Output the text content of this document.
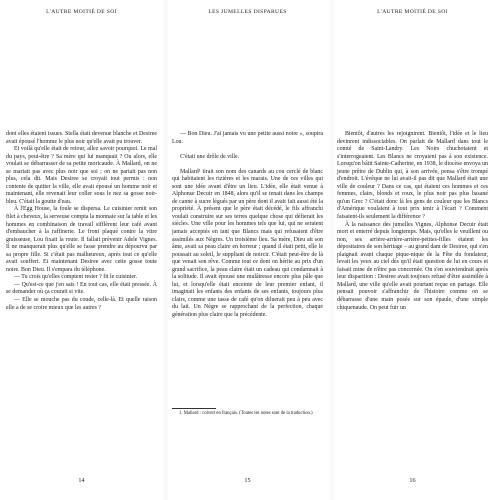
L'AUTRE MOITIÉ DE SOI

dont elles étaient issues. Stella était devenue blanche et Desiree avait épousé l'homme le plus noir qu'elle avait pu trouver.

Et voilà qu'elle était de retour, allez savoir pourquoi. Le mal du pays, peut-être ? Sa mère qui lui manquait ? Ou alors, elle voulait se débarrasser de sa petite moricaude. À Mallard, on ne se mariait pas avec plus noir que soi ; on ne partait pas non plus, cela dit. Mais Desiree se croyait tout permis : non contente de quitter la ville, elle avait épousé un homme noir et maintenant, elle revenait leur coller sous le nez sa gosse noir-bleu. C'était la goutte d'eau.

À l'Egg House, la foule se dispersa. Le cuisinier remit son filet à cheveux, la serveuse compta la monnaie sur la table et les hommes en combinaison de travail sifflèrent leur café avant d'embaucher à la raffinerie. Le front plaqué contre la vitre graisseuse, Lou fixait la route. Il fallait prévenir Adele Vignes. Il ne manquerait plus qu'elle se fasse prendre au dépourvu par sa propre fille. Si c'était pas malheureux, après tout ce qu'elle avait souffert. Et maintenant Desiree avec cette gosse toute noire. Bon Dieu. Il s'empara du téléphone.

— Tu crois qu'elles comptent rester ? fit le cuisinier.

— Qu'est-ce que j'en sais ! En tout cas, elle était pressée. À se demander où ça courait si vite.

— Elle se mouche pas du coude, celle-là. Et quelle raison elle a de se croire mieux que les autres ?

14
LES JUMELLES DISPARUES

— Bon Dieu. J'ai jamais vu une petite aussi noire », soupira Lou.

C'était une drôle de ville.

Mallard¹ tirait son nom des canards au cou cerclé de blanc qui habitaient les rizières et les marais. Une de ces villes qui sont une idée avant d'être un lieu. L'idée, elle était venue à Alphonse Decuir en 1848, alors qu'il se tenait dans les champs de canne à sucre légués par un père dont il avait fait aussi été la propriété. À présent que le père était décédé, le fils affranchi voulait construire sur ses terres quelque chose qui défierait les siècles. Une ville pour les hommes tels que lui, qui ne seraient jamais acceptés en tant que Blancs mais qui refusaient d'être assimilés aux Nègres. Un troisième lieu. Sa mère, Dieu ait son âme, avait sa peau claire en horreur ; quand il était petit, elle le poussait au soleil, le suppliant de noircir. C'était peut-être de là que venait son rêve. Comme tout ce dont on hérite au prix d'un grand sacrifice, la peau claire était un cadeau qui condamnait à la solitude. Il avait épousé une mulâtresse encore plus pâle que lui, et lorsqu'elle était enceinte de leur premier enfant, il imaginait les enfants des enfants de ses enfants, toujours plus clairs, comme une tasse de café qu'on diluerait peu à peu avec du lait. Un Nègre se rapprochant de la perfection, chaque génération plus claire que la précédente.

1. Mallard : colvert en français. (Toutes les notes sont de la traduction.)
15
L'AUTRE MOITIÉ DE SOI

Bientôt, d'autres les rejoignirent. Bientôt, l'idée et le lieu devinrent indissociables. On parlait de Mallard dans tout le comté de Saint-Landry. Les Noirs chuchotaient et s'interrogeaient. Les Blancs ne croyaient pas à son existence. Lorsqu'on bâtit Sainte-Catherine, en 1938, le diocèse envoya un jeune prêtre de Dublin qui, à son arrivée, pensa s'être trompé d'endroit. L'évêque ne lui avait-il pas dit que Mallard était une ville de couleur ? Dans ce cas, qui étaient ces hommes et ces femmes, clairs, blonds et roux, le plus noir pas plus basané qu'un Grec ? C'était donc là les gens de couleur que les Blancs d'Amérique voulaient à tout prix tenir à l'écart ? Comment faisaient-ils seulement la différence ?

À la naissance des jumelles Vignes, Alphonse Decuir était mort et enterré depuis longtemps. Mais, qu'elles le veuillent ou non, ses arrière-arrière-arrière-petites-filles étaient les dépositaires de son héritage – au grand dam de Desiree, qui s'en plaignait avant chaque pique-nique de la Fête du fondateur, levait les yeux au ciel dès qu'il était question de lui en cours et faisait mine de n'être pas concernée. On s'en souviendrait après leur disparition : Desiree avait toujours refusé d'être assimilée à Mallard, une ville qu'elle avait pourtant reçue en partage. Elle pensait pouvoir s'affranchir de l'histoire comme on se débarrasse d'une main posée sur son épaule, d'une simple chiquenaude. On peut fuir un

16
